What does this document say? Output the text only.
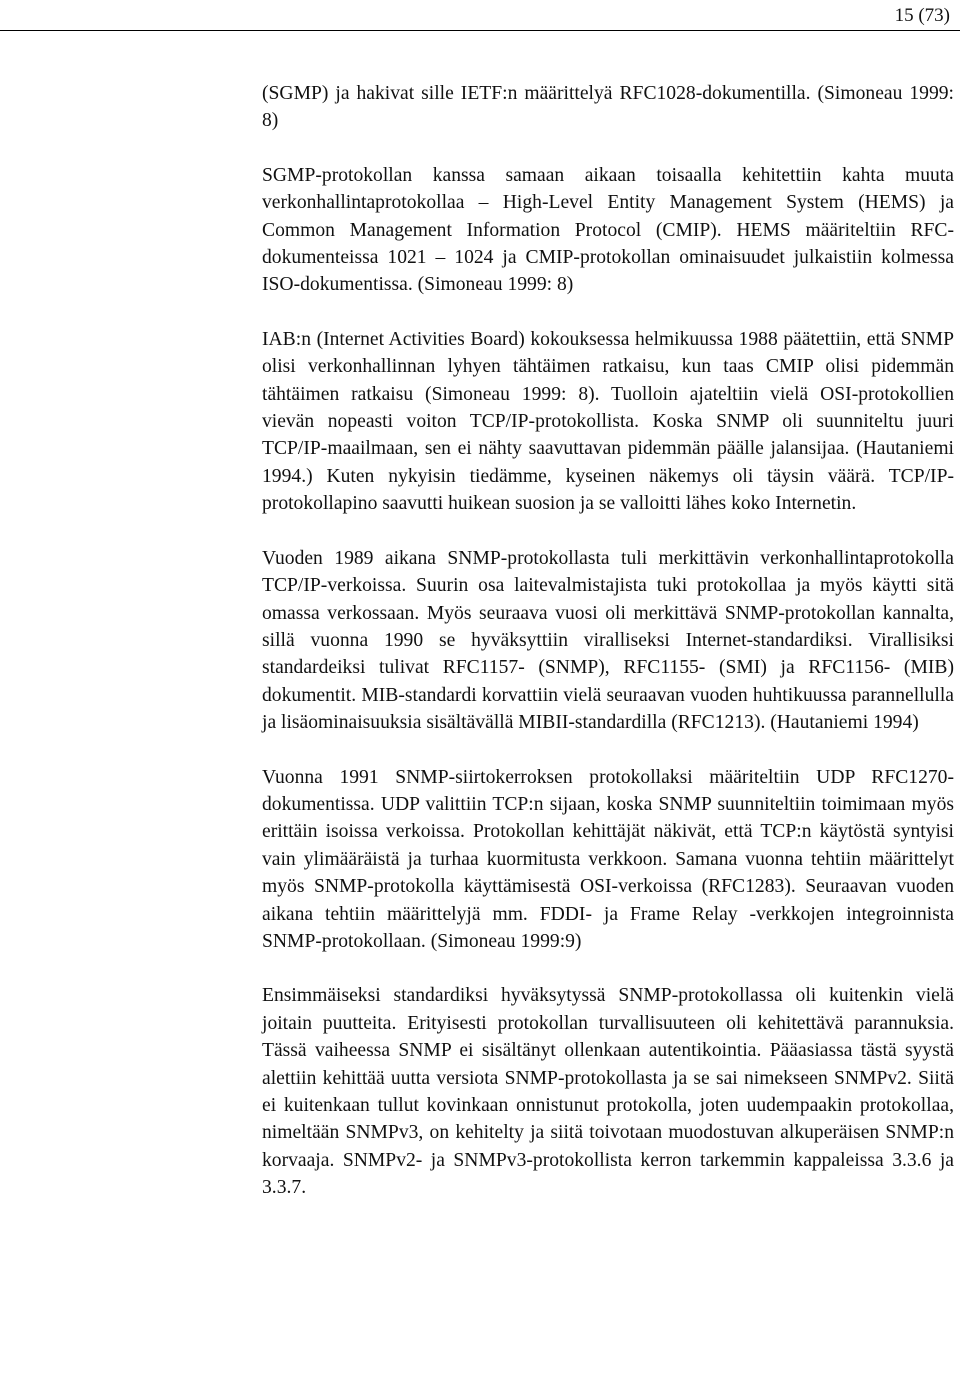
15 (73)

(SGMP) ja hakivat sille IETF:n määrittelyä RFC1028-dokumentilla. (Simoneau 1999: 8)

SGMP-protokollan kanssa samaan aikaan toisaalla kehitettiin kahta muuta verkonhallintaprotokollaa – High-Level Entity Management System (HEMS) ja Common Management Information Protocol (CMIP). HEMS määriteltiin RFC-dokumenteissa 1021 – 1024 ja CMIP-protokollan ominaisuudet julkaistiin kolmessa ISO-dokumentissa. (Simoneau 1999: 8)

IAB:n (Internet Activities Board) kokouksessa helmikuussa 1988 päätettiin, että SNMP olisi verkonhallinnan lyhyen tähtäimen ratkaisu, kun taas CMIP olisi pidemmän tähtäimen ratkaisu (Simoneau 1999: 8). Tuolloin ajateltiin vielä OSI-protokollien vievän nopeasti voiton TCP/IP-protokollista. Koska SNMP oli suunniteltu juuri TCP/IP-maailmaan, sen ei nähty saavuttavan pidemmän päälle jalansijaa. (Hautaniemi 1994.) Kuten nykyisin tiedämme, kyseinen näkemys oli täysin väärä. TCP/IP-protokollapino saavutti huikean suosion ja se valloitti lähes koko Internetin.

Vuoden 1989 aikana SNMP-protokollasta tuli merkittävin verkonhallintaprotokolla TCP/IP-verkoissa. Suurin osa laitevalmistajista tuki protokollaa ja myös käytti sitä omassa verkossaan. Myös seuraava vuosi oli merkittävä SNMP-protokollan kannalta, sillä vuonna 1990 se hyväksyttiin viralliseksi Internet-standardiksi. Virallisiksi standardeiksi tulivat RFC1157- (SNMP), RFC1155- (SMI) ja RFC1156- (MIB) dokumentit. MIB-standardi korvattiin vielä seuraavan vuoden huhtikuussa parannellulla ja lisäominaisuuksia sisältävällä MIBII-standardilla (RFC1213). (Hautaniemi 1994)

Vuonna 1991 SNMP-siirtokerroksen protokollaksi määriteltiin UDP RFC1270-dokumentissa. UDP valittiin TCP:n sijaan, koska SNMP suunniteltiin toimimaan myös erittäin isoissa verkoissa. Protokollan kehittäjät näkivät, että TCP:n käytöstä syntyisi vain ylimääräistä ja turhaa kuormitusta verkkoon. Samana vuonna tehtiin määrittelyt myös SNMP-protokolla käyttämisestä OSI-verkoissa (RFC1283). Seuraavan vuoden aikana tehtiin määrittelyjä mm. FDDI- ja Frame Relay -verkkojen integroinnista SNMP-protokollaan. (Simoneau 1999:9)

Ensimmäiseksi standardiksi hyväksytyssä SNMP-protokollassa oli kuitenkin vielä joitain puutteita. Erityisesti protokollan turvallisuuteen oli kehitettävä parannuksia. Tässä vaiheessa SNMP ei sisältänyt ollenkaan autentikointia. Pääasiassa tästä syystä alettiin kehittää uutta versiota SNMP-protokollasta ja se sai nimekseen SNMPv2. Siitä ei kuitenkaan tullut kovinkaan onnistunut protokolla, joten uudempaakin protokollaa, nimeltään SNMPv3, on kehitelty ja siitä toivotaan muodostuvan alkuperäisen SNMP:n korvaaja. SNMPv2- ja SNMPv3-protokollista kerron tarkemmin kappaleissa 3.3.6 ja 3.3.7.
